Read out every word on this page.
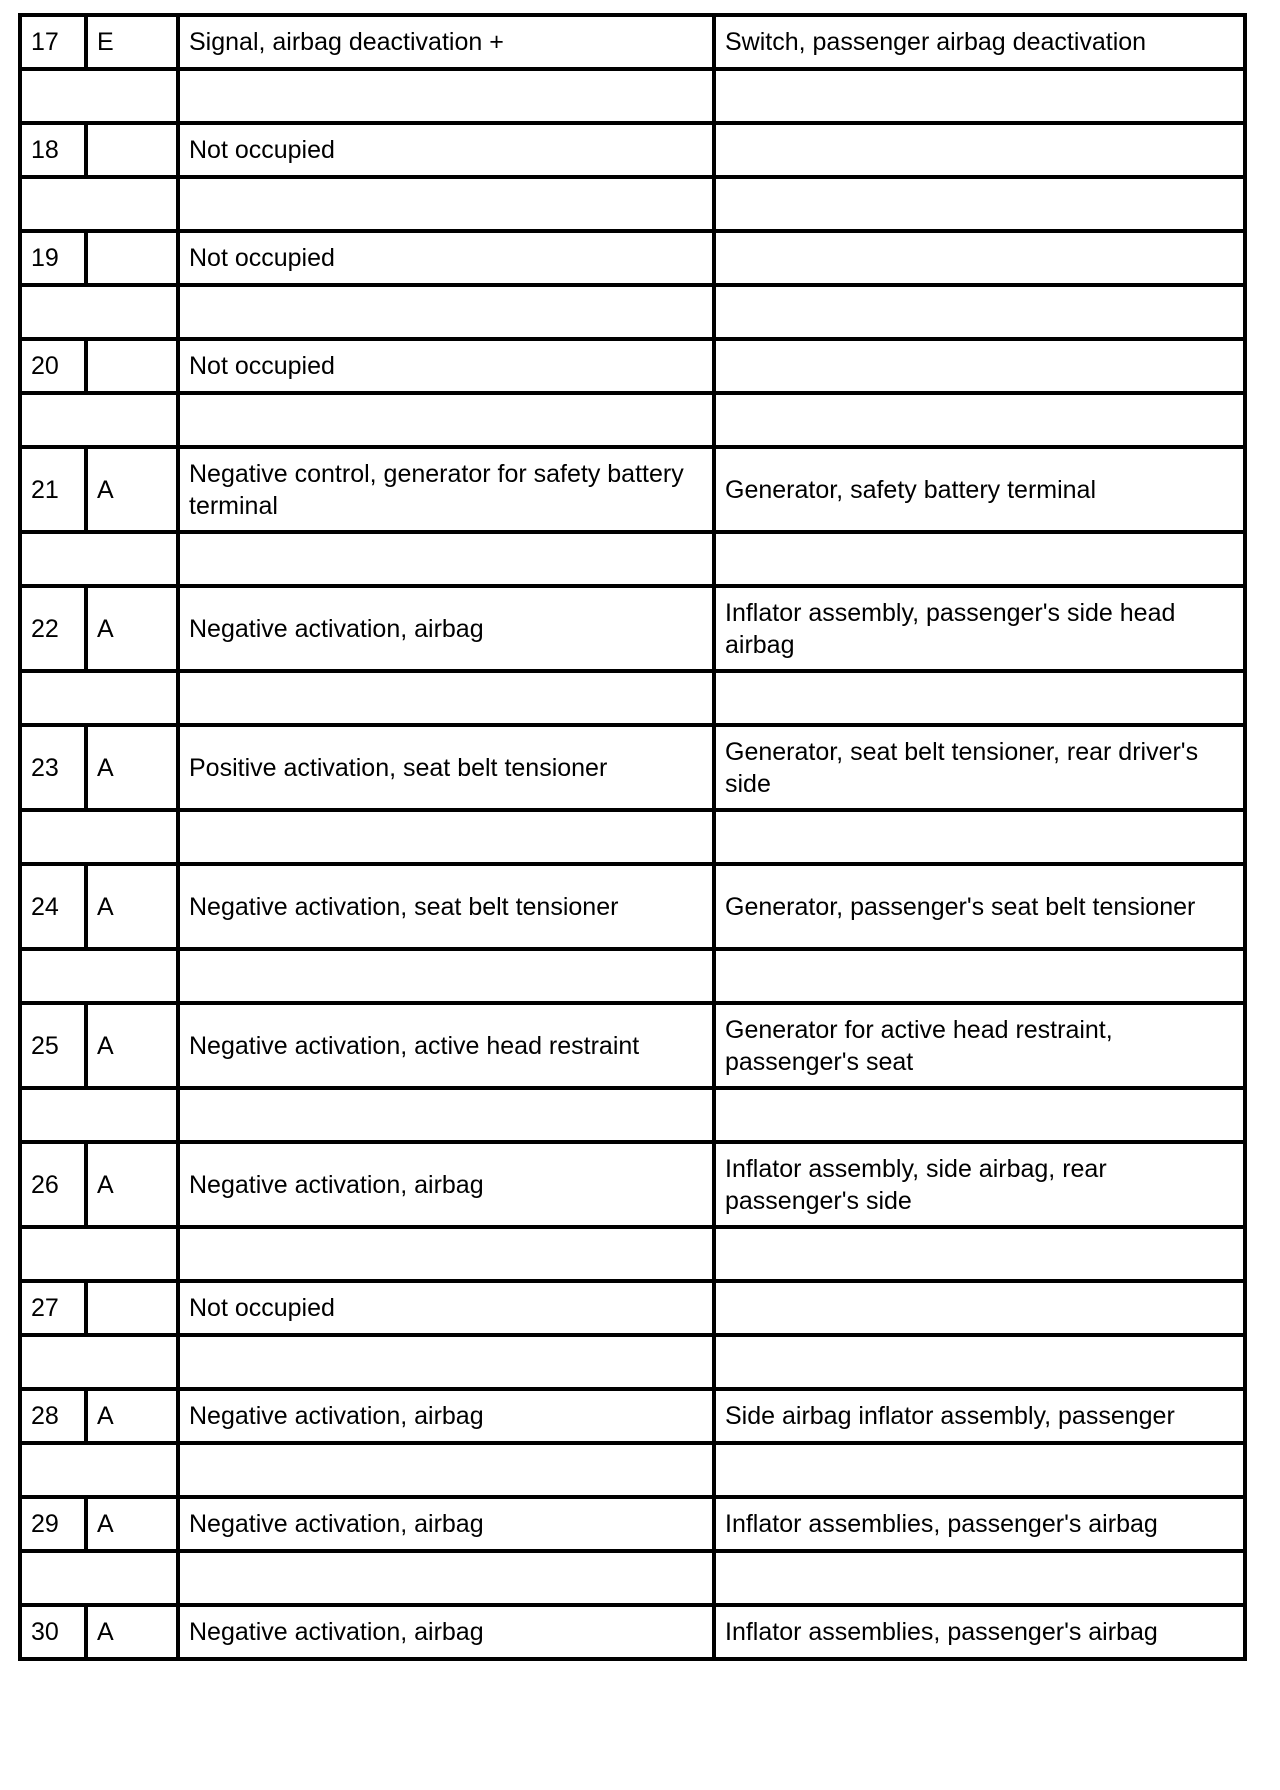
17	E	Signal, airbag deactivation +	Switch, passenger airbag deactivation

18		Not occupied	

19		Not occupied	

20		Not occupied	

21	A	Negative control, generator for safety battery terminal	Generator, safety battery terminal

22	A	Negative activation, airbag	Inflator assembly, passenger's side head airbag

23	A	Positive activation, seat belt tensioner	Generator, seat belt tensioner, rear driver's side

24	A	Negative activation, seat belt tensioner	Generator, passenger's seat belt tensioner

25	A	Negative activation, active head restraint	Generator for active head restraint, passenger's seat

26	A	Negative activation, airbag	Inflator assembly, side airbag, rear passenger's side

27		Not occupied	

28	A	Negative activation, airbag	Side airbag inflator assembly, passenger

29	A	Negative activation, airbag	Inflator assemblies, passenger's airbag

30	A	Negative activation, airbag	Inflator assemblies, passenger's airbag
